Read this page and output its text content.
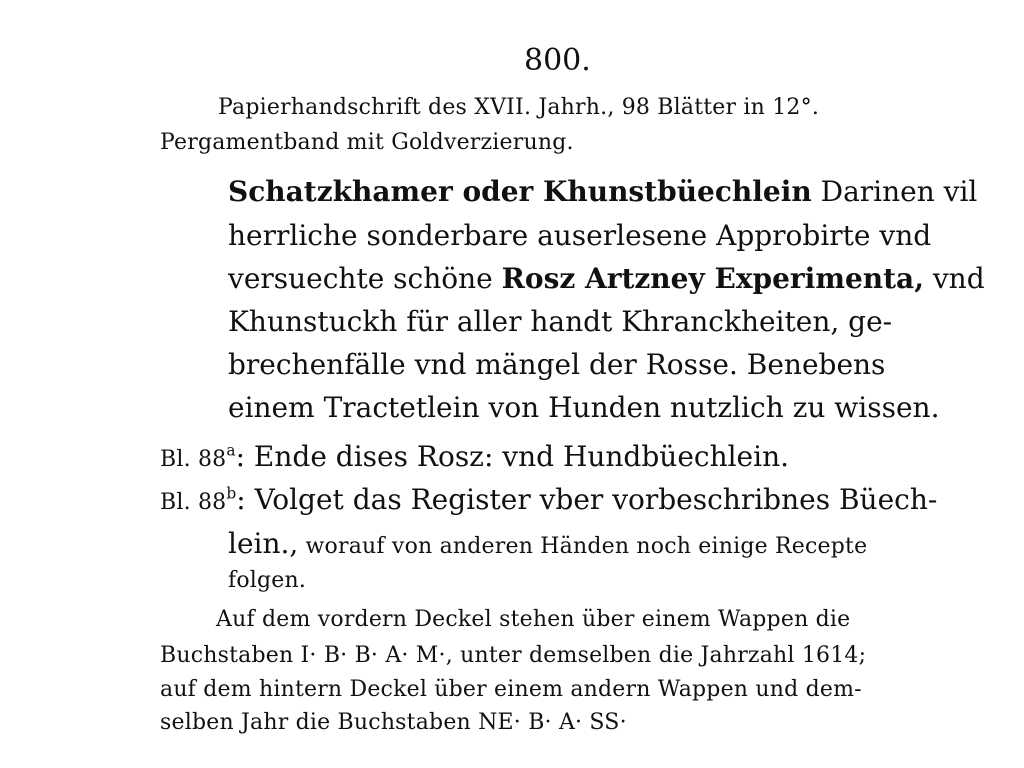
800.
Papierhandschrift des XVII. Jahrh., 98 Blätter in 12°.
Pergamentband mit Goldverzierung.
Schatzkhamer oder Khunstbüechlein Darinen vil
herrliche sonderbare auserlesene Approbirte vnd
versuechte schöne Rosz Artzney Experimenta, vnd
Khunstuckh für aller handt Khranckheiten, ge-
brechenfälle vnd mängel der Rosse. Benebens
einem Tractetlein von Hunden nutzlich zu wissen.
Bl. 88$^a$: Ende dises Rosz: vnd Hundbüechlein.
Bl. 88$^b$: Volget das Register vber vorbeschribnes Büech-
lein., worauf von anderen Händen noch einige Recepte
folgen.
Auf dem vordern Deckel stehen über einem Wappen die
Buchstaben I· B· B· A· M·, unter demselben die Jahrzahl 1614;
auf dem hintern Deckel über einem andern Wappen und dem-
selben Jahr die Buchstaben NE· B· A· SS·
